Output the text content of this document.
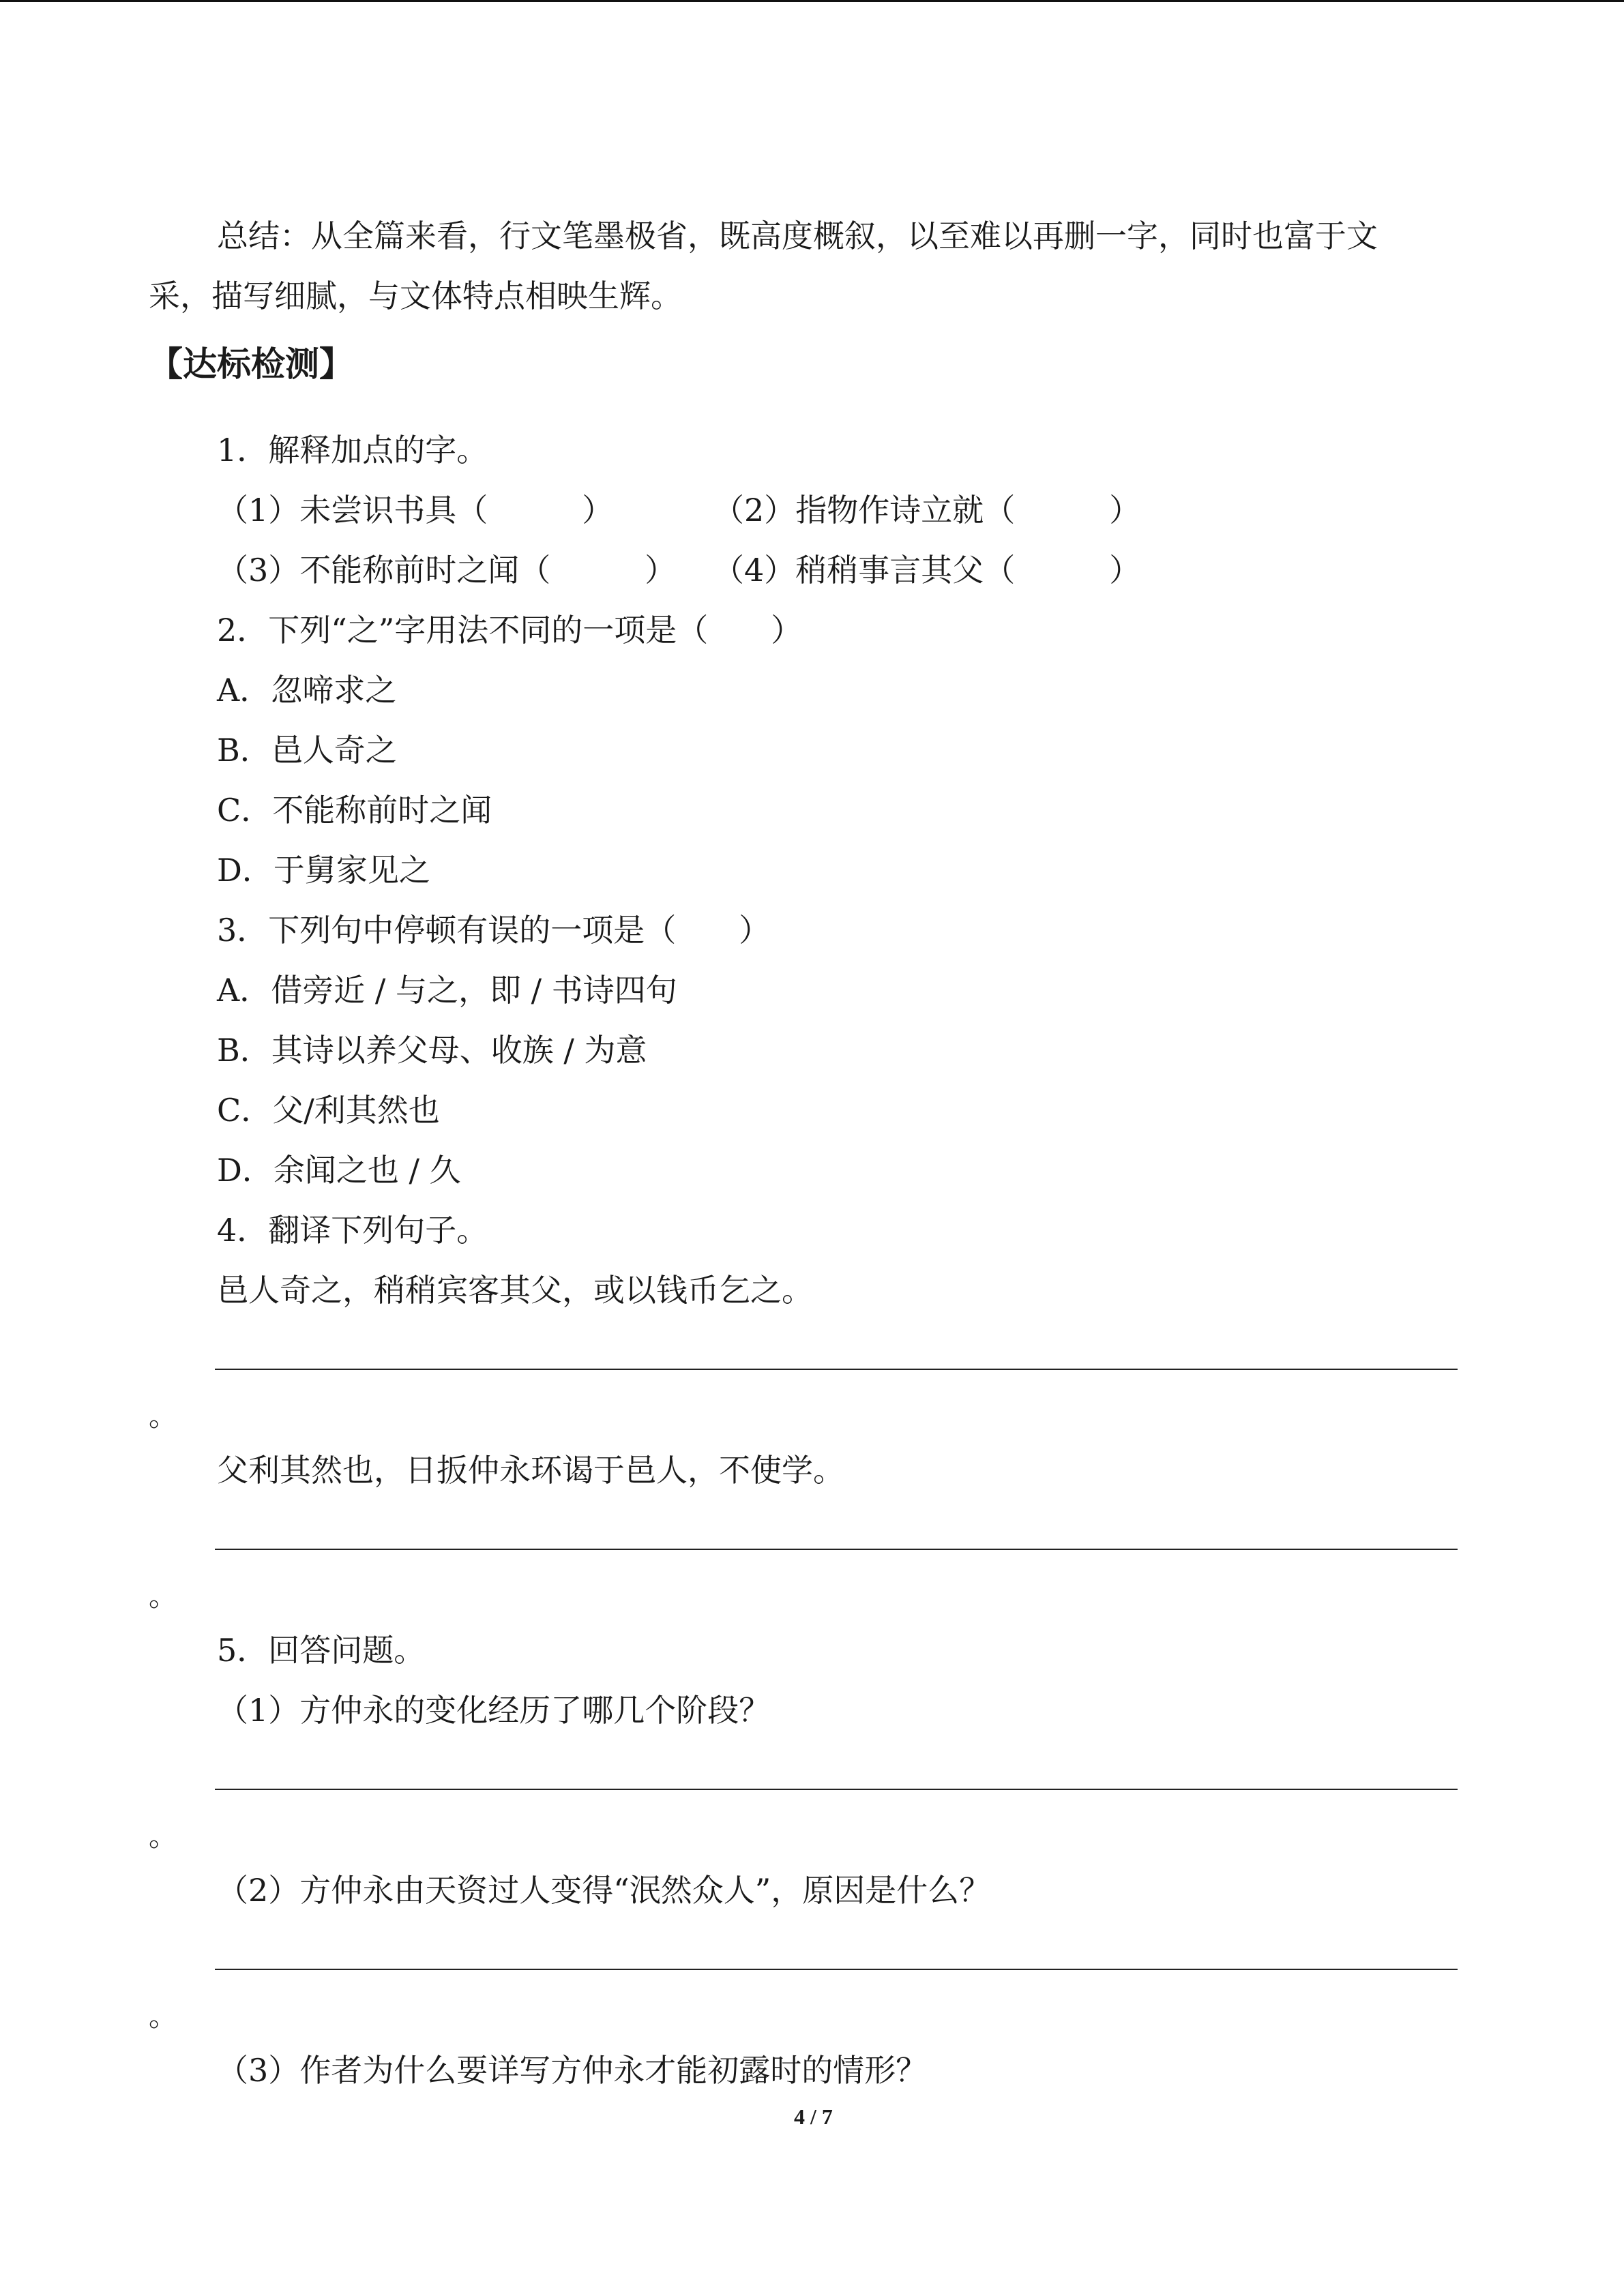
总结：从全篇来看，行文笔墨极省，既高度概叙，以至难以再删一字，同时也富于文
采，描写细腻，与文体特点相映生辉。
【达标检测】
1．解释加点的字。
（1）未尝识书具（　　　）	（2）指物作诗立就（　　　）
（3）不能称前时之闻（　　　） （4）稍稍事言其父（　　　）
2．下列“之”字用法不同的一项是（　　）
A．忽啼求之
B．邑人奇之
C．不能称前时之闻
D．于舅家见之
3．下列句中停顿有误的一项是（　　）
A．借旁近 / 与之，即 / 书诗四句
B．其诗以养父母、收族 / 为意
C．父/利其然也
D．余闻之也 / 久
4．翻译下列句子。
邑人奇之，稍稍宾客其父，或以钱币乞之。
。
父利其然也，日扳仲永环谒于邑人，不使学。
。
5．回答问题。
（1）方仲永的变化经历了哪几个阶段？
。
（2）方仲永由天资过人变得“泯然众人”，原因是什么？
。
（3）作者为什么要详写方仲永才能初露时的情形？
4 / 7
